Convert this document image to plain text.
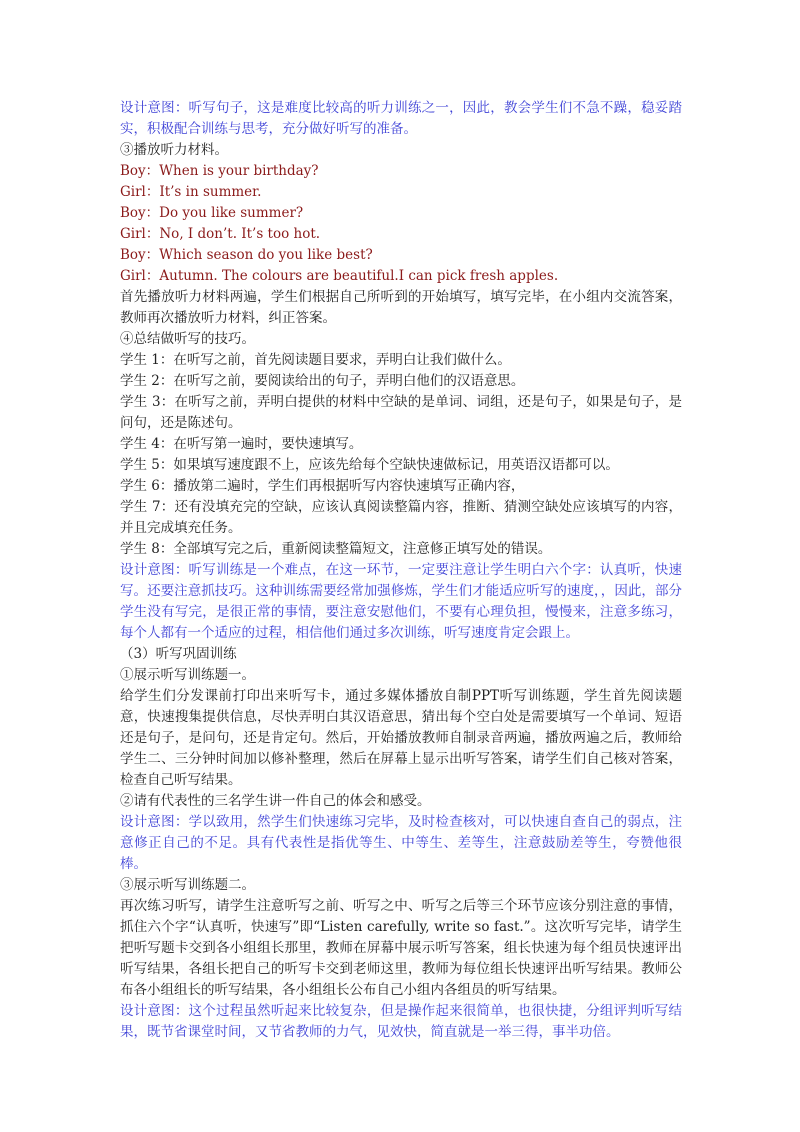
设计意图：听写句子，这是难度比较高的听力训练之一，因此，教会学生们不急不躁，稳妥踏实，积极配合训练与思考，充分做好听写的准备。

③播放听力材料。

Boy：When is your birthday?

Girl：It’s in summer.

Boy：Do you like summer?

Girl：No, I don’t. It’s too hot.

Boy：Which season do you like best?

Girl：Autumn. The colours are beautiful.I can pick fresh apples.

首先播放听力材料两遍，学生们根据自己所听到的开始填写，填写完毕，在小组内交流答案，教师再次播放听力材料，纠正答案。

④总结做听写的技巧。

学生 1：在听写之前，首先阅读题目要求，弄明白让我们做什么。

学生 2：在听写之前，要阅读给出的句子，弄明白他们的汉语意思。

学生 3：在听写之前，弄明白提供的材料中空缺的是单词、词组，还是句子，如果是句子，是问句，还是陈述句。

学生 4：在听写第一遍时，要快速填写。

学生 5：如果填写速度跟不上，应该先给每个空缺快速做标记，用英语汉语都可以。

学生 6：播放第二遍时，学生们再根据听写内容快速填写正确内容，

学生 7：还有没填充完的空缺，应该认真阅读整篇内容，推断、猜测空缺处应该填写的内容，并且完成填充任务。

学生 8：全部填写完之后，重新阅读整篇短文，注意修正填写处的错误。

设计意图：听写训练是一个难点，在这一环节，一定要注意让学生明白六个字：认真听，快速写。还要注意抓技巧。这种训练需要经常加强修炼，学生们才能适应听写的速度，，因此，部分学生没有写完，是很正常的事情，要注意安慰他们，不要有心理负担，慢慢来，注意多练习，每个人都有一个适应的过程，相信他们通过多次训练，听写速度肯定会跟上。

（3）听写巩固训练

①展示听写训练题一。

给学生们分发课前打印出来听写卡，通过多媒体播放自制PPT听写训练题，学生首先阅读题意，快速搜集提供信息，尽快弄明白其汉语意思，猜出每个空白处是需要填写一个单词、短语还是句子，是问句，还是肯定句。然后，开始播放教师自制录音两遍，播放两遍之后，教师给学生二、三分钟时间加以修补整理，然后在屏幕上显示出听写答案，请学生们自己核对答案，检查自己听写结果。

②请有代表性的三名学生讲一件自己的体会和感受。

设计意图：学以致用，然学生们快速练习完毕，及时检查核对，可以快速自查自己的弱点，注意修正自己的不足。具有代表性是指优等生、中等生、差等生，注意鼓励差等生，夸赞他很棒。

③展示听写训练题二。

再次练习听写，请学生注意听写之前、听写之中、听写之后等三个环节应该分别注意的事情，抓住六个字“认真听，快速写”即“Listen carefully, write so fast.”。这次听写完毕，请学生把听写题卡交到各小组组长那里，教师在屏幕中展示听写答案，组长快速为每个组员快速评出听写结果，各组长把自己的听写卡交到老师这里，教师为每位组长快速评出听写结果。教师公布各小组组长的听写结果，各小组组长公布自己小组内各组员的听写结果。

设计意图：这个过程虽然听起来比较复杂，但是操作起来很简单，也很快捷，分组评判听写结果，既节省课堂时间，又节省教师的力气，见效快，简直就是一举三得，事半功倍。
